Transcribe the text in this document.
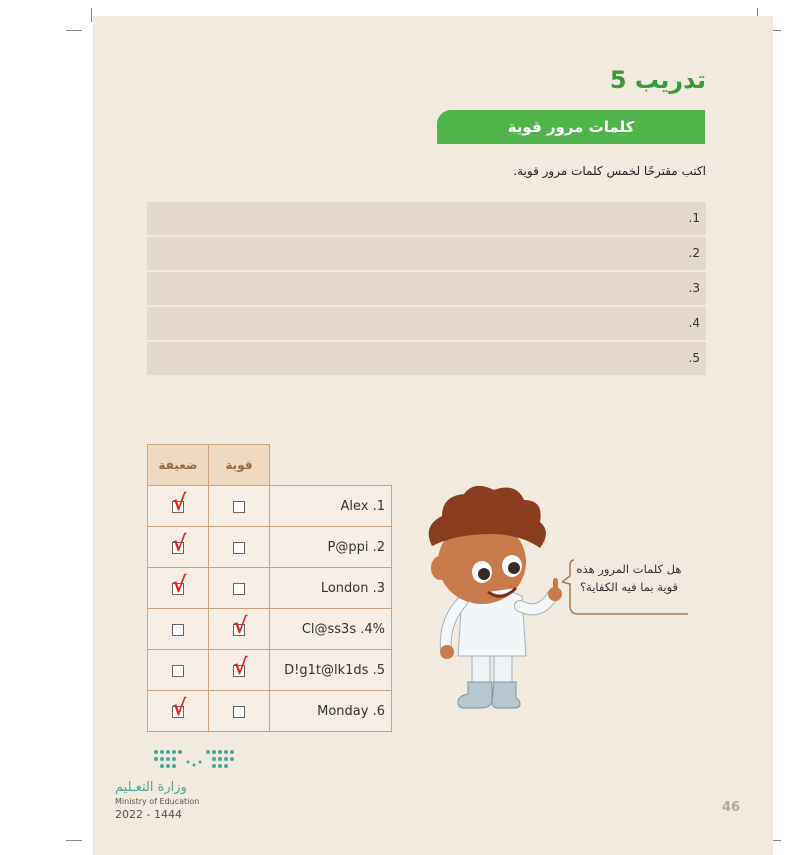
تدريب 5
كلمات مرور قوية
اكتب مقترحًا لخمس كلمات مرور قوية.
1.
2.
3.
4.
5.
ضعيفة	قوية	

√		Alex .1

√		P@ppi .2

√		London .3

	√	%Cl@ss3s .4

	√	D!g1t@lk1ds .5

√		Monday .6
هل كلمات المرور هذه
قوية بما فيه الكفاية؟
وزارة التعـليم
Ministry of Education
2022 - 1444	46
